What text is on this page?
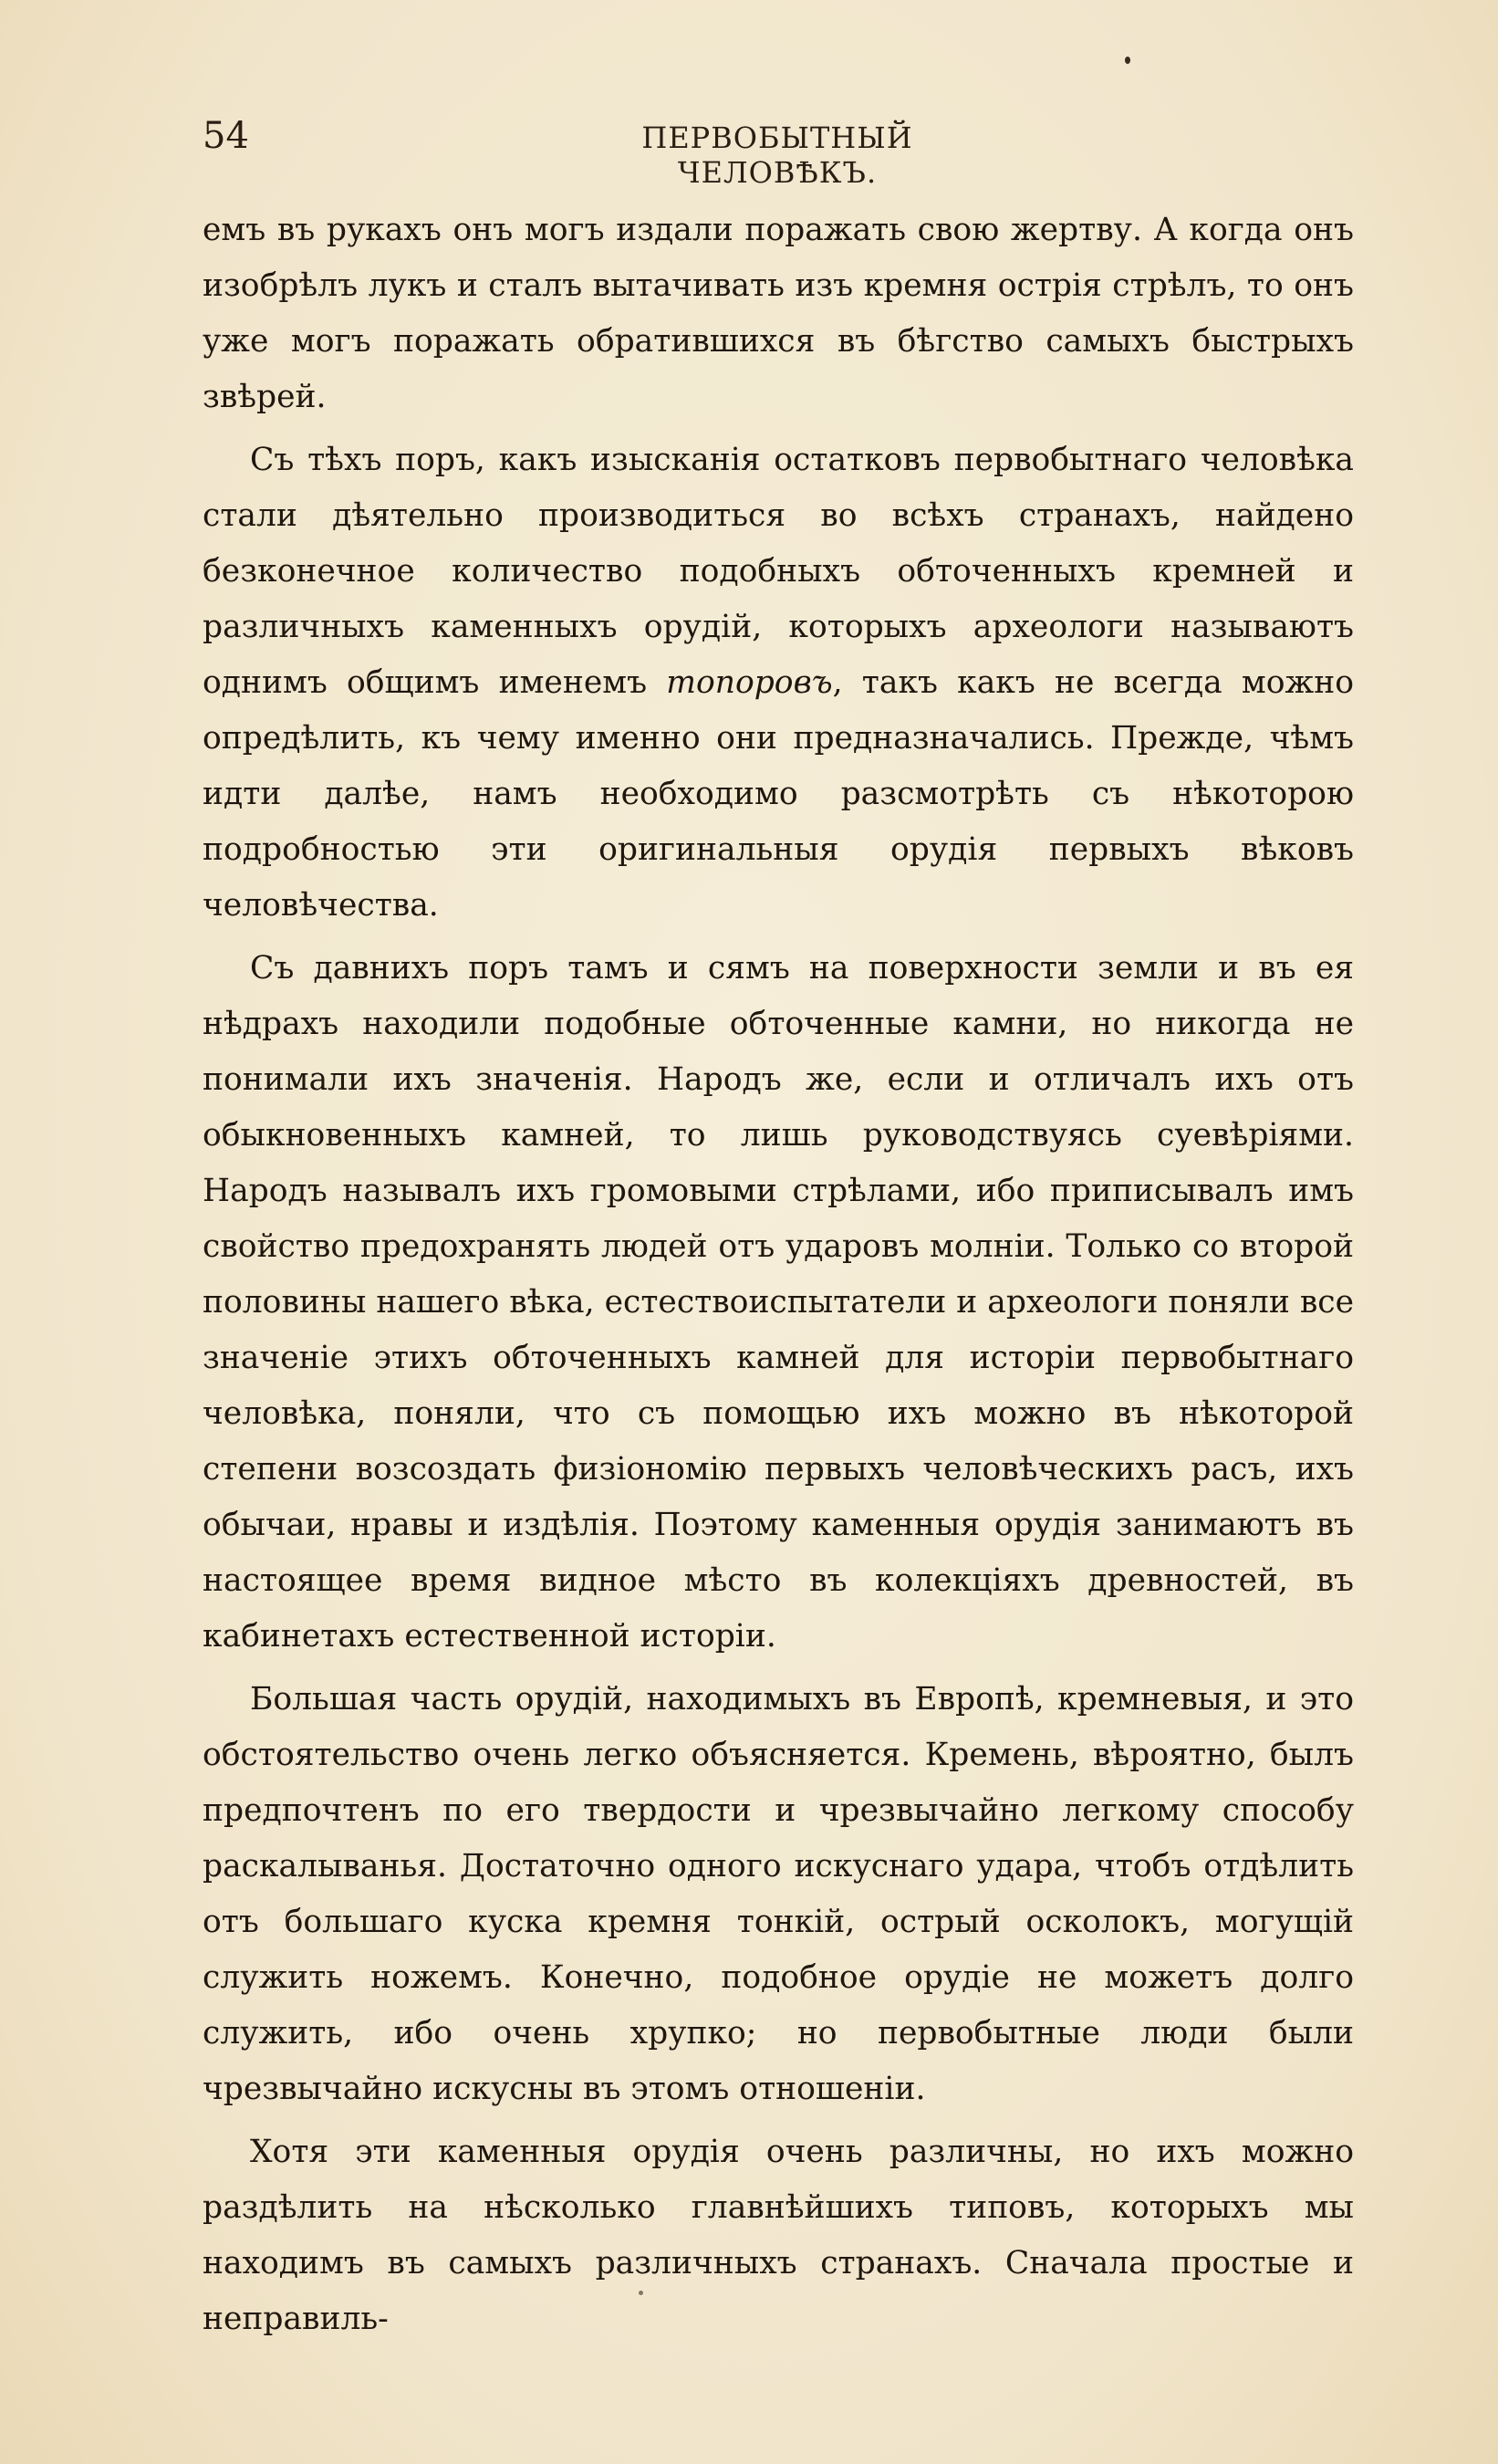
54	ПЕРВОБЫТНЫЙ ЧЕЛОВѢКЪ.

емъ въ рукахъ онъ могъ издали поражать свою жертву. А когда онъ изобрѣлъ лукъ и сталъ вытачивать изъ кремня острія стрѣлъ, то онъ уже могъ поражать обратившихся въ бѣгство самыхъ быстрыхъ звѣрей.

Съ тѣхъ поръ, какъ изысканія остатковъ первобытнаго человѣка стали дѣятельно производиться во всѣхъ странахъ, найдено безконечное количество подобныхъ обточенныхъ кремней и различныхъ каменныхъ орудій, которыхъ археологи называютъ однимъ общимъ именемъ топоровъ, такъ какъ не всегда можно опредѣлить, къ чему именно они предназначались. Прежде, чѣмъ идти далѣе, намъ необходимо разсмотрѣть съ нѣкоторою подробностью эти оригинальныя орудія первыхъ вѣковъ человѣчества.

Съ давнихъ поръ тамъ и сямъ на поверхности земли и въ ея нѣдрахъ находили подобные обточенные камни, но никогда не понимали ихъ значенія. Народъ же, если и отличалъ ихъ отъ обыкновенныхъ камней, то лишь руководствуясь суевѣріями. Народъ называлъ ихъ громовыми стрѣлами, ибо приписывалъ имъ свойство предохранять людей отъ ударовъ молніи. Только со второй половины нашего вѣка, естествоиспытатели и археологи поняли все значеніе этихъ обточенныхъ камней для исторіи первобытнаго человѣка, поняли, что съ помощью ихъ можно въ нѣкоторой степени возсоздать физіономію первыхъ человѣческихъ расъ, ихъ обычаи, нравы и издѣлія. Поэтому каменныя орудія занимаютъ въ настоящее время видное мѣсто въ колекціяхъ древностей, въ кабинетахъ естественной исторіи.

Большая часть орудій, находимыхъ въ Европѣ, кремневыя, и это обстоятельство очень легко объясняется. Кремень, вѣроятно, былъ предпочтенъ по его твердости и чрезвычайно легкому способу раскалыванья. Достаточно одного искуснаго удара, чтобъ отдѣлить отъ большаго куска кремня тонкій, острый осколокъ, могущій служить ножемъ. Конечно, подобное орудіе не можетъ долго служить, ибо очень хрупко; но первобытные люди были чрезвычайно искусны въ этомъ отношеніи.

Хотя эти каменныя орудія очень различны, но ихъ можно раздѣлить на нѣсколько главнѣйшихъ типовъ, которыхъ мы находимъ въ самыхъ различныхъ странахъ. Сначала простые и неправиль-
